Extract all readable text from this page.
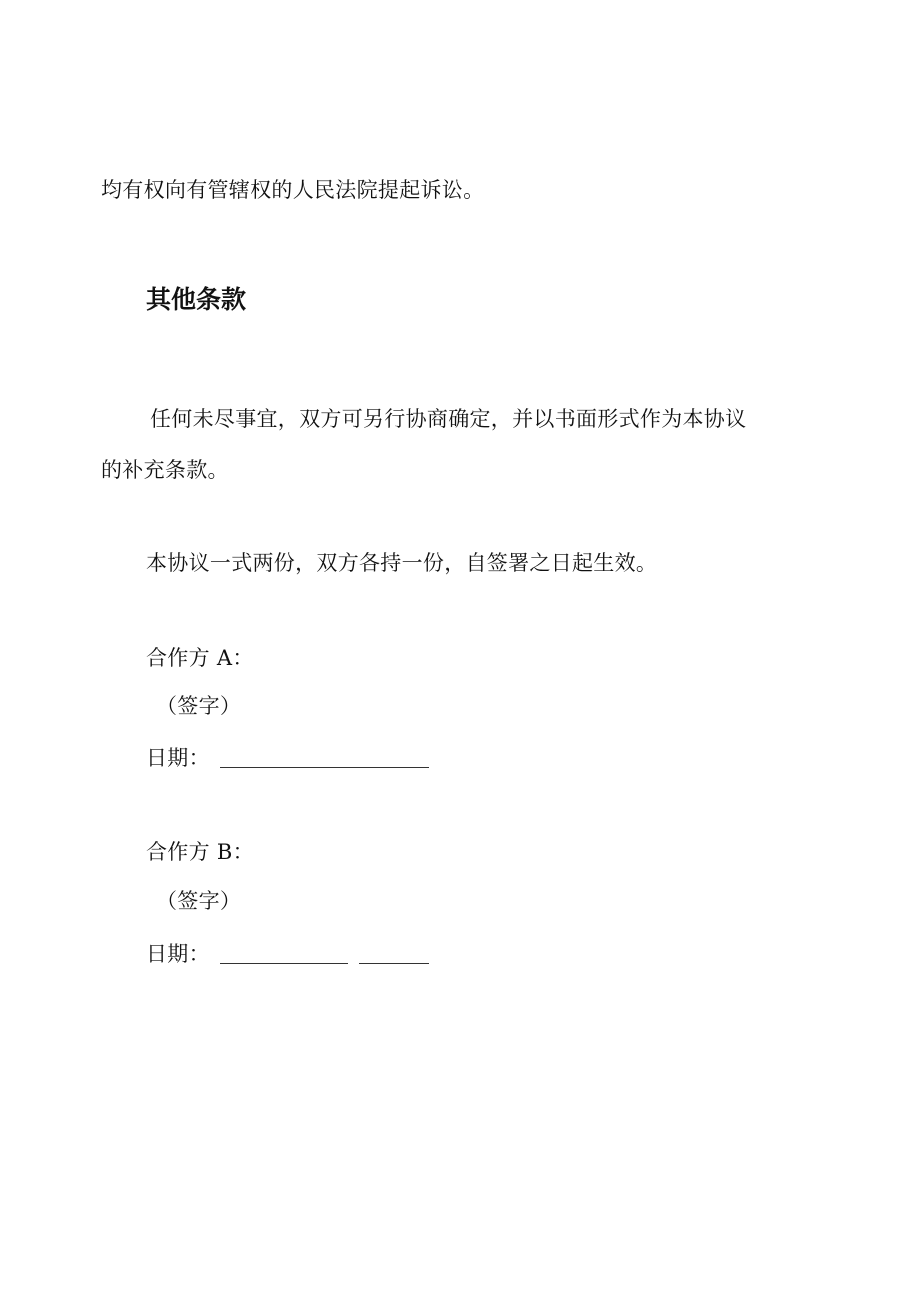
均有权向有管辖权的人民法院提起诉讼。
其他条款
任何未尽事宜，双方可另行协商确定，并以书面形式作为本协议
的补充条款。
本协议一式两份，双方各持一份，自签署之日起生效。
合作方 A：
（签字）
日期：
合作方 B：
（签字）
日期：
